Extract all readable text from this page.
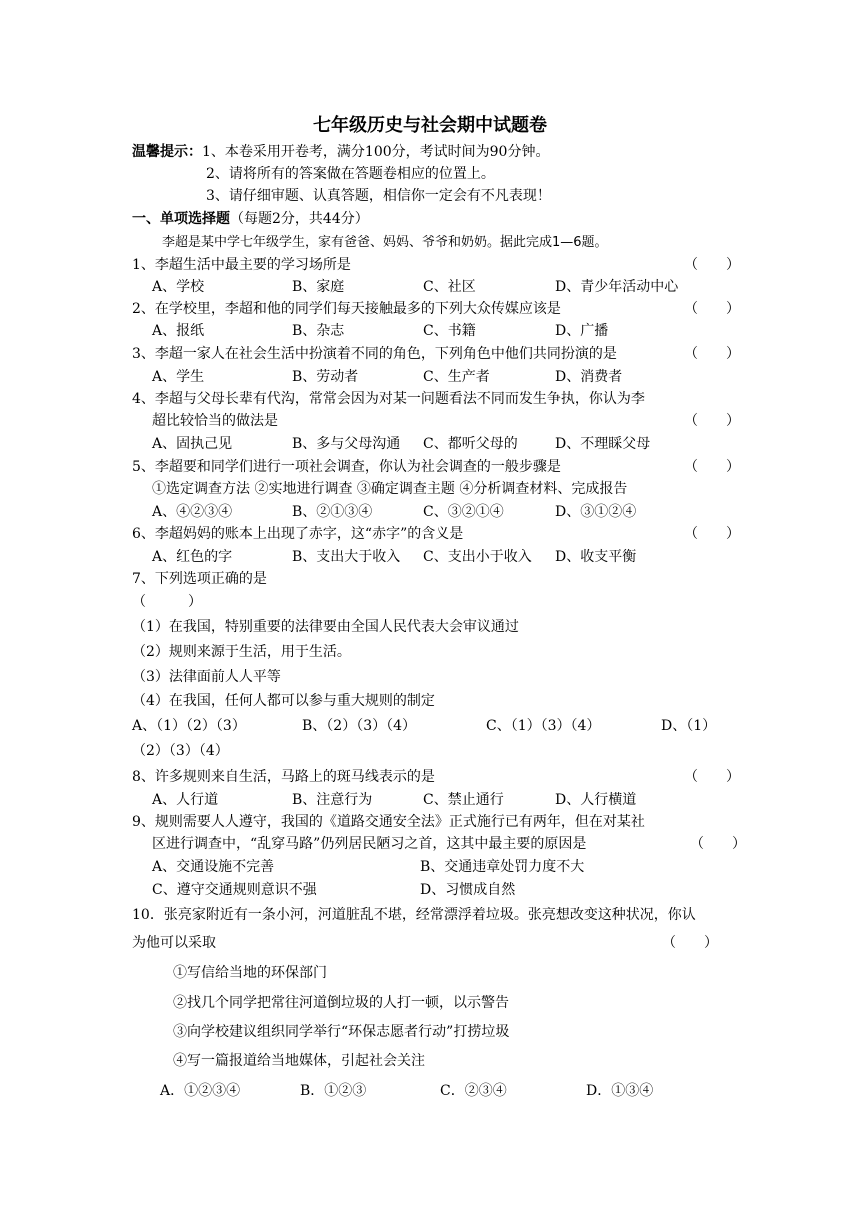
七年级历史与社会期中试题卷
温馨提示：1、本卷采用开卷考，满分100分，考试时间为90分钟。
2、请将所有的答案做在答题卷相应的位置上。
3、请仔细审题、认真答题，相信你一定会有不凡表现！
一、单项选择题（每题2分，共44分）
李超是某中学七年级学生，家有爸爸、妈妈、爷爷和奶奶。据此完成1—6题。
1、李超生活中最主要的学习场所是	（　　）
A、学校	B、家庭	C、社区	D、青少年活动中心
2、在学校里，李超和他的同学们每天接触最多的下列大众传媒应该是	（　　）
A、报纸	B、杂志	C、书籍	D、广播
3、李超一家人在社会生活中扮演着不同的角色，下列角色中他们共同扮演的是	（　　）
A、学生	B、劳动者	C、生产者	D、消费者
4、李超与父母长辈有代沟，常常会因为对某一问题看法不同而发生争执，你认为李
超比较恰当的做法是	（　　）
A、固执己见	B、多与父母沟通 C、都听父母的	D、不理睬父母
5、李超要和同学们进行一项社会调查，你认为社会调查的一般步骤是	（　　）
①选定调查方法 ②实地进行调查 ③确定调查主题 ④分析调查材料、完成报告
A、④②③④	B、②①③④	C、③②①④	D、③①②④
6、李超妈妈的账本上出现了赤字，这“赤字”的含义是	（　　）
A、红色的字	B、支出大于收入 C、支出小于收入 D、收支平衡
7、下列选项正确的是
（　　　）
（1）在我国，特别重要的法律要由全国人民代表大会审议通过
（2）规则来源于生活，用于生活。
（3）法律面前人人平等
（4）在我国，任何人都可以参与重大规则的制定
A、（1）（2）（3）	B、（2）（3）（4）	C、（1）（3）（4）	D、（1）
（2）（3）（4）
8、许多规则来自生活，马路上的斑马线表示的是	（　　）
A、人行道	B、注意行为	C、禁止通行	D、人行横道
9、规则需要人人遵守，我国的《道路交通安全法》正式施行已有两年，但在对某社
区进行调查中，“乱穿马路”仍列居民陋习之首，这其中最主要的原因是	（　　）
A、交通设施不完善	B、交通违章处罚力度不大
C、遵守交通规则意识不强	D、习惯成自然
10．张亮家附近有一条小河，河道脏乱不堪，经常漂浮着垃圾。张亮想改变这种状况，你认
为他可以采取	（　　）
①写信给当地的环保部门
②找几个同学把常往河道倒垃圾的人打一顿，以示警告
③向学校建议组织同学举行“环保志愿者行动”打捞垃圾
④写一篇报道给当地媒体，引起社会关注
A．①②③④	B．①②③	C．②③④	D．①③④
